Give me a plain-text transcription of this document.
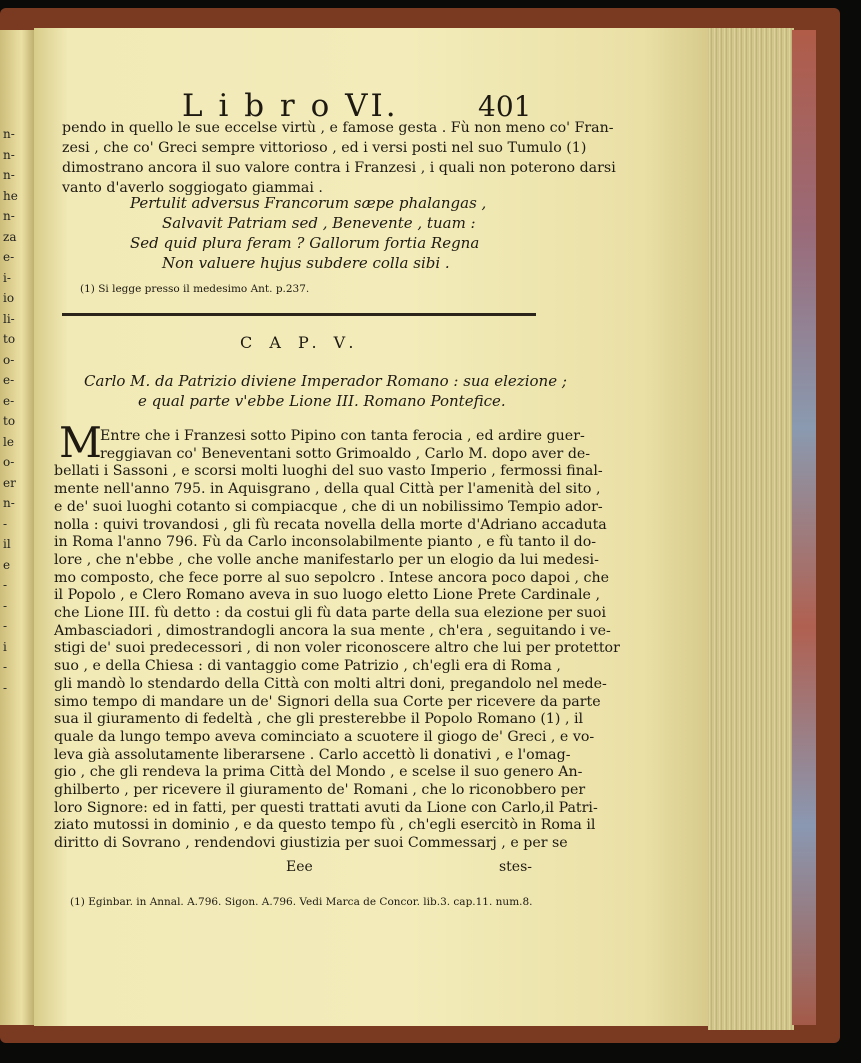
n-
n-
n-
he
n-
za
e-
i-
io
li-
to
o-
e-
e-
to
le
o-
er
n-
-
il
e
-
-
-
i
-
-
L i b r o VI.	401
pendo in quello le sue eccelse virtù , e famose gesta . Fù non meno co' Fran-
zesi , che co' Greci sempre vittorioso , ed i versi posti nel suo Tumulo (1)
dimostrano ancora il suo valore contra i Franzesi , i quali non poterono darsi
vanto d'averlo soggiogato giammai .
Pertulit adversus Francorum sæpe phalangas ,
Salvavit Patriam sed , Benevente , tuam :
Sed quid plura feram ? Gallorum fortia Regna
Non valuere hujus subdere colla sibi .
(1) Si legge presso il medesimo Ant. p.237.
C A P. V.
Carlo M. da Patrizio diviene Imperador Romano : sua elezione ;
e qual parte v'ebbe Lione III. Romano Pontefice.
M
Entre che i Franzesi sotto Pipino con tanta ferocia , ed ardire guer-
reggiavan co' Beneventani sotto Grimoaldo , Carlo M. dopo aver de-
bellati i Sassoni , e scorsi molti luoghi del suo vasto Imperio , fermossi final-
mente nell'anno 795. in Aquisgrano , della qual Città per l'amenità del sito ,
e de' suoi luoghi cotanto si compiacque , che di un nobilissimo Tempio ador-
nolla : quivi trovandosi , gli fù recata novella della morte d'Adriano accaduta
in Roma l'anno 796. Fù da Carlo inconsolabilmente pianto , e fù tanto il do-
lore , che n'ebbe , che volle anche manifestarlo per un elogio da lui medesi-
mo composto, che fece porre al suo sepolcro . Intese ancora poco dapoi , che
il Popolo , e Clero Romano aveva in suo luogo eletto Lione Prete Cardinale ,
che Lione III. fù detto : da costui gli fù data parte della sua elezione per suoi
Ambasciadori , dimostrandogli ancora la sua mente , ch'era , seguitando i ve-
stigi de' suoi predecessori , di non voler riconoscere altro che lui per protettor
suo , e della Chiesa : di vantaggio come Patrizio , ch'egli era di Roma ,
gli mandò lo stendardo della Città con molti altri doni, pregandolo nel mede-
simo tempo di mandare un de' Signori della sua Corte per ricevere da parte
sua il giuramento di fedeltà , che gli presterebbe il Popolo Romano (1) , il
quale da lungo tempo aveva cominciato a scuotere il giogo de' Greci , e vo-
leva già assolutamente liberarsene . Carlo accettò li donativi , e l'omag-
gio , che gli rendeva la prima Città del Mondo , e scelse il suo genero An-
ghilberto , per ricevere il giuramento de' Romani , che lo riconobbero per
loro Signore: ed in fatti, per questi trattati avuti da Lione con Carlo,il Patri-
ziato mutossi in dominio , e da questo tempo fù , ch'egli esercitò in Roma il
diritto di Sovrano , rendendovi giustizia per suoi Commessarj , e per se
Eee	stes-
(1) Eginbar. in Annal. A.796. Sigon. A.796. Vedi Marca de Concor. lib.3. cap.11. num.8.
